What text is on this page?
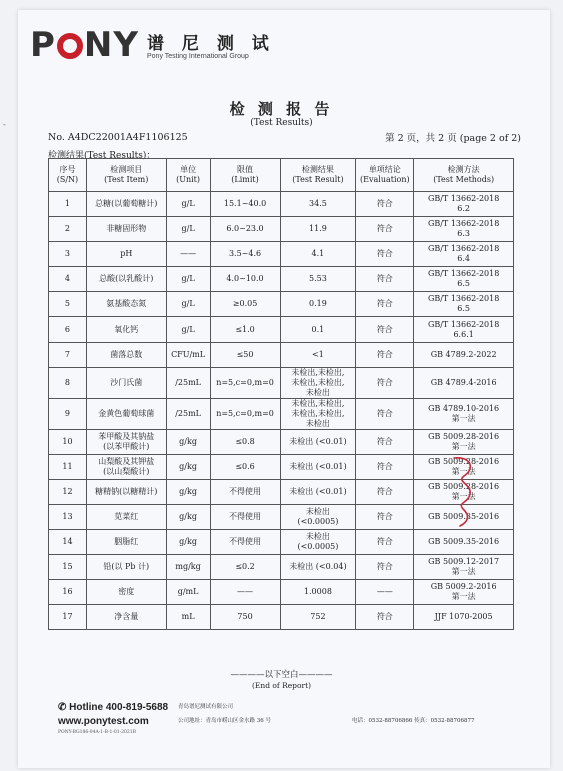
-
P NY 谱 尼 测 试
Pony Testing International Group
检 测 报 告
(Test Results)
No. A4DC22001A4F1106125	第 2 页，共 2 页 (page 2 of 2)
检测结果(Test Results)：
序号
(S/N)	检测项目
(Test Item)	单位
(Unit)	限值
(Limit)	检测结果
(Test Result)	单项结论
(Evaluation)	检测方法
(Test Methods)
1	总糖(以葡萄糖计)	g/L	15.1~40.0	34.5	符合	GB/T 13662-2018
6.2
2	非糖固形物	g/L	6.0~23.0	11.9	符合	GB/T 13662-2018
6.3
3	pH	——	3.5~4.6	4.1	符合	GB/T 13662-2018
6.4
4	总酸(以乳酸计)	g/L	4.0~10.0	5.53	符合	GB/T 13662-2018
6.5
5	氨基酸态氮	g/L	≥0.05	0.19	符合	GB/T 13662-2018
6.5
6	氧化钙	g/L	≤1.0	0.1	符合	GB/T 13662-2018
6.6.1
7	菌落总数	CFU/mL	≤50	<1	符合	GB 4789.2-2022
8	沙门氏菌	/25mL	n=5,c=0,m=0	未检出,未检出,
未检出,未检出,
未检出	符合	GB 4789.4-2016
9	金黄色葡萄球菌	/25mL	n=5,c=0,m=0	未检出,未检出,
未检出,未检出,
未检出	符合	GB 4789.10-2016
第一法
10	苯甲酸及其钠盐
(以苯甲酸计)	g/kg	≤0.8	未检出 (<0.01)	符合	GB 5009.28-2016
第一法
11	山梨酸及其钾盐
(以山梨酸计)	g/kg	≤0.6	未检出 (<0.01)	符合	GB 5009.28-2016
第一法
12	糖精钠(以糖精计)	g/kg	不得使用	未检出 (<0.01)	符合	GB 5009.28-2016
第一法
13	苋菜红	g/kg	不得使用	未检出
(<0.0005)	符合	GB 5009.35-2016
14	胭脂红	g/kg	不得使用	未检出
(<0.0005)	符合	GB 5009.35-2016
15	铅(以 Pb 计)	mg/kg	≤0.2	未检出 (<0.04)	符合	GB 5009.12-2017
第一法
16	密度	g/mL	——	1.0008	——	GB 5009.2-2016
第一法
17	净含量	mL	750	752	符合	JJF 1070-2005
————以下空白————
(End of Report)
✆ Hotline 400-819-5688
www.ponytest.com
PONY-BG186-04A-1-B-1-01-2021B
青岛谱尼测试有限公司
公司地址：青岛市崂山区金水路 36 号	电话：0532-88706866 传真：0532-88706877
